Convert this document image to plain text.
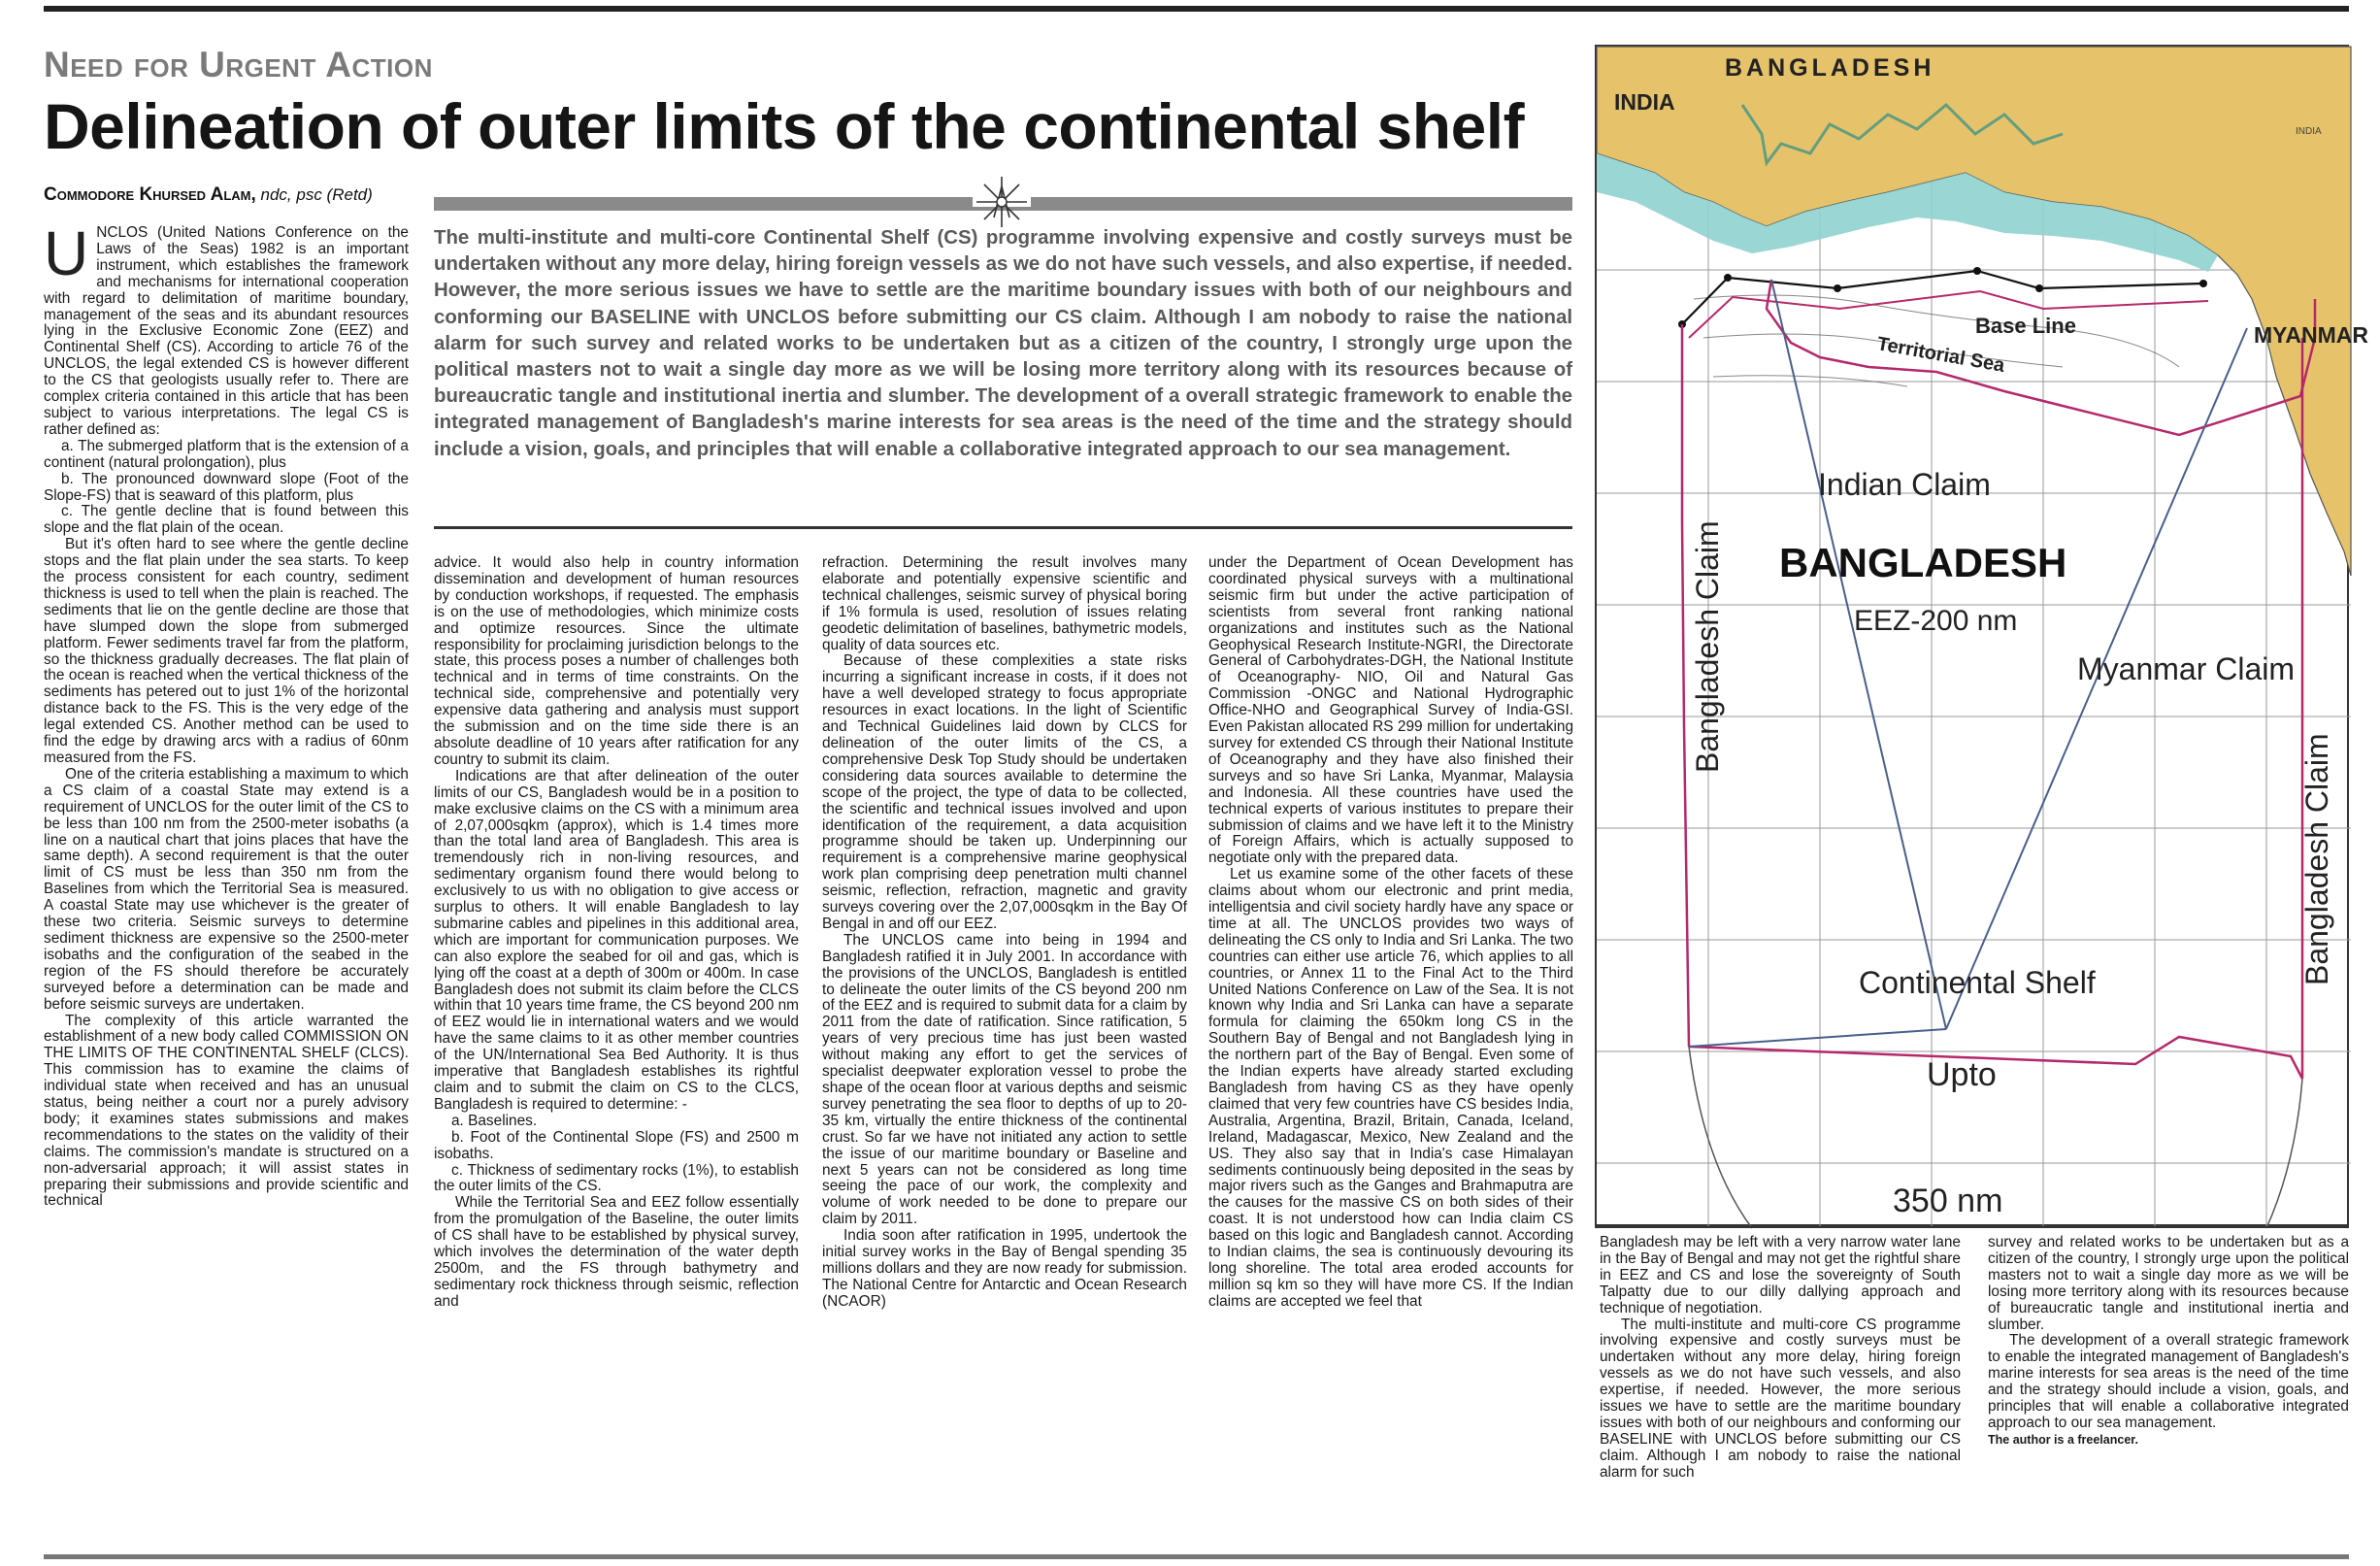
Need for Urgent Action
Delineation of outer limits of the continental shelf
Commodore Khursed Alam, ndc, psc (Retd)
The multi-institute and multi-core Continental Shelf (CS) programme involving expensive and costly surveys must be undertaken without any more delay, hiring foreign vessels as we do not have such vessels, and also expertise, if needed. However, the more serious issues we have to settle are the maritime boundary issues with both of our neighbours and conforming our BASELINE with UNCLOS before submitting our CS claim. Although I am nobody to raise the national alarm for such survey and related works to be undertaken but as a citizen of the country, I strongly urge upon the political masters not to wait a single day more as we will be losing more territory along with its resources because of bureaucratic tangle and institutional inertia and slumber. The development of a overall strategic framework to enable the integrated management of Bangladesh's marine interests for sea areas is the need of the time and the strategy should include a vision, goals, and principles that will enable a collaborative integrated approach to our sea management.

UNCLOS (United Nations Conference on the Laws of the Seas) 1982 is an important instrument, which establishes the framework and mechanisms for international cooperation with regard to delimitation of maritime boundary, management of the seas and its abundant resources lying in the Exclusive Economic Zone (EEZ) and Continental Shelf (CS). According to article 76 of the UNCLOS, the legal extended CS is however different to the CS that geologists usually refer to. There are complex criteria contained in this article that has been subject to various interpretations. The legal CS is rather defined as:

a. The submerged platform that is the extension of a continent (natural prolongation), plus

b. The pronounced downward slope (Foot of the Slope-FS) that is seaward of this platform, plus

c. The gentle decline that is found between this slope and the flat plain of the ocean.

But it's often hard to see where the gentle decline stops and the flat plain under the sea starts. To keep the process consistent for each country, sediment thickness is used to tell when the plain is reached. The sediments that lie on the gentle decline are those that have slumped down the slope from submerged platform. Fewer sediments travel far from the platform, so the thickness gradually decreases. The flat plain of the ocean is reached when the vertical thickness of the sediments has petered out to just 1% of the horizontal distance back to the FS. This is the very edge of the legal extended CS. Another method can be used to find the edge by drawing arcs with a radius of 60nm measured from the FS.

One of the criteria establishing a maximum to which a CS claim of a coastal State may extend is a requirement of UNCLOS for the outer limit of the CS to be less than 100 nm from the 2500-meter isobaths (a line on a nautical chart that joins places that have the same depth). A second requirement is that the outer limit of CS must be less than 350 nm from the Baselines from which the Territorial Sea is measured. A coastal State may use whichever is the greater of these two criteria. Seismic surveys to determine sediment thickness are expensive so the 2500-meter isobaths and the configuration of the seabed in the region of the FS should therefore be accurately surveyed before a determination can be made and before seismic surveys are undertaken.

The complexity of this article warranted the establishment of a new body called COMMISSION ON THE LIMITS OF THE CONTINENTAL SHELF (CLCS). This commission has to examine the claims of individual state when received and has an unusual status, being neither a court nor a purely advisory body; it examines states submissions and makes recommendations to the states on the validity of their claims. The commission's mandate is structured on a non-adversarial approach; it will assist states in preparing their submissions and provide scientific and technical

advice. It would also help in country information dissemination and development of human resources by conduction workshops, if requested. The emphasis is on the use of methodologies, which minimize costs and optimize resources. Since the ultimate responsibility for proclaiming jurisdiction belongs to the state, this process poses a number of challenges both technical and in terms of time constraints. On the technical side, comprehensive and potentially very expensive data gathering and analysis must support the submission and on the time side there is an absolute deadline of 10 years after ratification for any country to submit its claim.

Indications are that after delineation of the outer limits of our CS, Bangladesh would be in a position to make exclusive claims on the CS with a minimum area of 2,07,000sqkm (approx), which is 1.4 times more than the total land area of Bangladesh. This area is tremendously rich in non-living resources, and sedimentary organism found there would belong to exclusively to us with no obligation to give access or surplus to others. It will enable Bangladesh to lay submarine cables and pipelines in this additional area, which are important for communication purposes. We can also explore the seabed for oil and gas, which is lying off the coast at a depth of 300m or 400m. In case Bangladesh does not submit its claim before the CLCS within that 10 years time frame, the CS beyond 200 nm of EEZ would lie in international waters and we would have the same claims to it as other member countries of the UN/International Sea Bed Authority. It is thus imperative that Bangladesh establishes its rightful claim and to submit the claim on CS to the CLCS, Bangladesh is required to determine: -

a. Baselines.

b. Foot of the Continental Slope (FS) and 2500 m isobaths.

c. Thickness of sedimentary rocks (1%), to establish the outer limits of the CS.

While the Territorial Sea and EEZ follow essentially from the promulgation of the Baseline, the outer limits of CS shall have to be established by physical survey, which involves the determination of the water depth 2500m, and the FS through bathymetry and sedimentary rock thickness through seismic, reflection and

refraction. Determining the result involves many elaborate and potentially expensive scientific and technical challenges, seismic survey of physical boring if 1% formula is used, resolution of issues relating geodetic delimitation of baselines, bathymetric models, quality of data sources etc.

Because of these complexities a state risks incurring a significant increase in costs, if it does not have a well developed strategy to focus appropriate resources in exact locations. In the light of Scientific and Technical Guidelines laid down by CLCS for delineation of the outer limits of the CS, a comprehensive Desk Top Study should be undertaken considering data sources available to determine the scope of the project, the type of data to be collected, the scientific and technical issues involved and upon identification of the requirement, a data acquisition programme should be taken up. Underpinning our requirement is a comprehensive marine geophysical work plan comprising deep penetration multi channel seismic, reflection, refraction, magnetic and gravity surveys covering over the 2,07,000sqkm in the Bay Of Bengal in and off our EEZ.

The UNCLOS came into being in 1994 and Bangladesh ratified it in July 2001. In accordance with the provisions of the UNCLOS, Bangladesh is entitled to delineate the outer limits of the CS beyond 200 nm of the EEZ and is required to submit data for a claim by 2011 from the date of ratification. Since ratification, 5 years of very precious time has just been wasted without making any effort to get the services of specialist deepwater exploration vessel to probe the shape of the ocean floor at various depths and seismic survey penetrating the sea floor to depths of up to 20- 35 km, virtually the entire thickness of the continental crust. So far we have not initiated any action to settle the issue of our maritime boundary or Baseline and next 5 years can not be considered as long time seeing the pace of our work, the complexity and volume of work needed to be done to prepare our claim by 2011.

India soon after ratification in 1995, undertook the initial survey works in the Bay of Bengal spending 35 millions dollars and they are now ready for submission. The National Centre for Antarctic and Ocean Research (NCAOR)

under the Department of Ocean Development has coordinated physical surveys with a multinational seismic firm but under the active participation of scientists from several front ranking national organizations and institutes such as the National Geophysical Research Institute-NGRI, the Directorate General of Carbohydrates-DGH, the National Institute of Oceanography- NIO, Oil and Natural Gas Commission -ONGC and National Hydrographic Office-NHO and Geographical Survey of India-GSI. Even Pakistan allocated RS 299 million for undertaking survey for extended CS through their National Institute of Oceanography and they have also finished their surveys and so have Sri Lanka, Myanmar, Malaysia and Indonesia. All these countries have used the technical experts of various institutes to prepare their submission of claims and we have left it to the Ministry of Foreign Affairs, which is actually supposed to negotiate only with the prepared data.

Let us examine some of the other facets of these claims about whom our electronic and print media, intelligentsia and civil society hardly have any space or time at all. The UNCLOS provides two ways of delineating the CS only to India and Sri Lanka. The two countries can either use article 76, which applies to all countries, or Annex 11 to the Final Act to the Third United Nations Conference on Law of the Sea. It is not known why India and Sri Lanka can have a separate formula for claiming the 650km long CS in the Southern Bay of Bengal and not Bangladesh lying in the northern part of the Bay of Bengal. Even some of the Indian experts have already started excluding Bangladesh from having CS as they have openly claimed that very few countries have CS besides India, Australia, Argentina, Brazil, Britain, Canada, Iceland, Ireland, Madagascar, Mexico, New Zealand and the US. They also say that in India's case Himalayan sediments continuously being deposited in the seas by major rivers such as the Ganges and Brahmaputra are the causes for the massive CS on both sides of their coast. It is not understood how can India claim CS based on this logic and Bangladesh cannot. According to Indian claims, the sea is continuously devouring its long shoreline. The total area eroded accounts for million sq km so they will have more CS. If the Indian claims are accepted we feel that

BANGLADESH
INDIA
INDIA
MYANMAR
Base Line
Territorial Sea
Indian Claim
BANGLADESH
EEZ-200 nm
Myanmar Claim
Bangladesh Claim
Bangladesh Claim
Continental Shelf
Upto
350 nm

Bangladesh may be left with a very narrow water lane in the Bay of Bengal and may not get the rightful share in EEZ and CS and lose the sovereignty of South Talpatty due to our dilly dallying approach and technique of negotiation.

The multi-institute and multi-core CS programme involving expensive and costly surveys must be undertaken without any more delay, hiring foreign vessels as we do not have such vessels, and also expertise, if needed. However, the more serious issues we have to settle are the maritime boundary issues with both of our neighbours and conforming our BASELINE with UNCLOS before submitting our CS claim. Although I am nobody to raise the national alarm for such

survey and related works to be undertaken but as a citizen of the country, I strongly urge upon the political masters not to wait a single day more as we will be losing more territory along with its resources because of bureaucratic tangle and institutional inertia and slumber.

The development of a overall strategic framework to enable the integrated management of Bangladesh's marine interests for sea areas is the need of the time and the strategy should include a vision, goals, and principles that will enable a collaborative integrated approach to our sea management.

The author is a freelancer.
